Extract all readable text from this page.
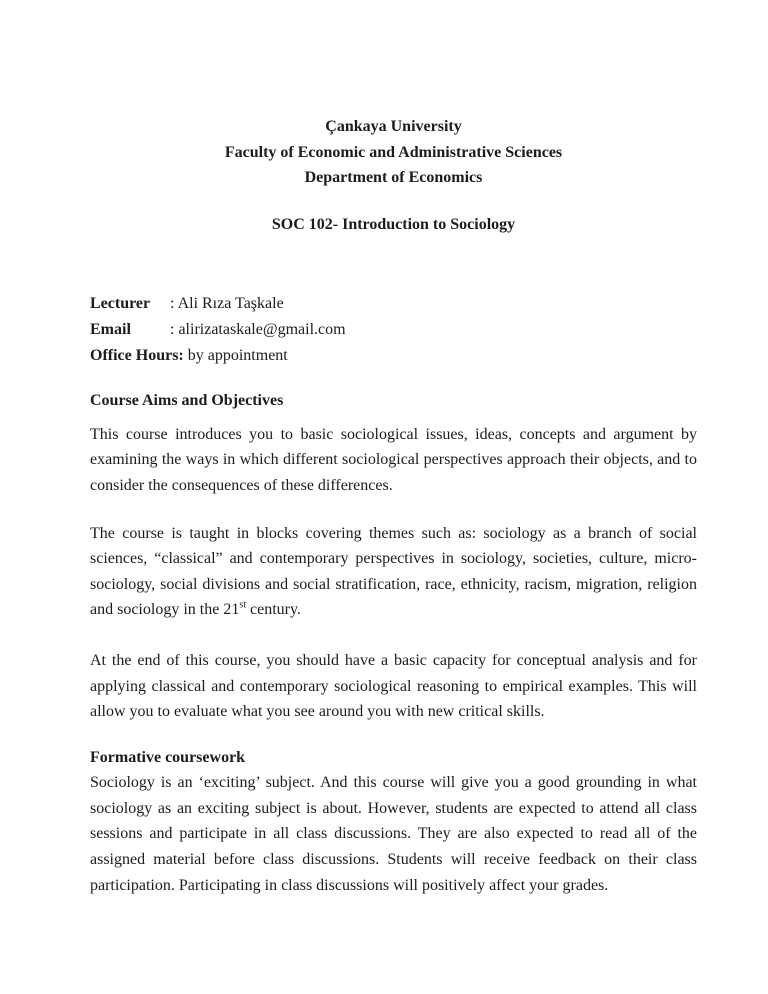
Çankaya University

Faculty of Economic and Administrative Sciences

Department of Economics

SOC 102- Introduction to Sociology

Lecturer : Ali Rıza Taşkale

Email : alirizataskale@gmail.com

Office Hours: by appointment

Course Aims and Objectives

This course introduces you to basic sociological issues, ideas, concepts and argument by examining the ways in which different sociological perspectives approach their objects, and to consider the consequences of these differences.

The course is taught in blocks covering themes such as: sociology as a branch of social sciences, “classical” and contemporary perspectives in sociology, societies, culture, micro-sociology, social divisions and social stratification, race, ethnicity, racism, migration, religion and sociology in the 21st century.

At the end of this course, you should have a basic capacity for conceptual analysis and for applying classical and contemporary sociological reasoning to empirical examples. This will allow you to evaluate what you see around you with new critical skills.

Formative coursework

Sociology is an ‘exciting’ subject. And this course will give you a good grounding in what sociology as an exciting subject is about. However, students are expected to attend all class sessions and participate in all class discussions. They are also expected to read all of the assigned material before class discussions. Students will receive feedback on their class participation. Participating in class discussions will positively affect your grades.
